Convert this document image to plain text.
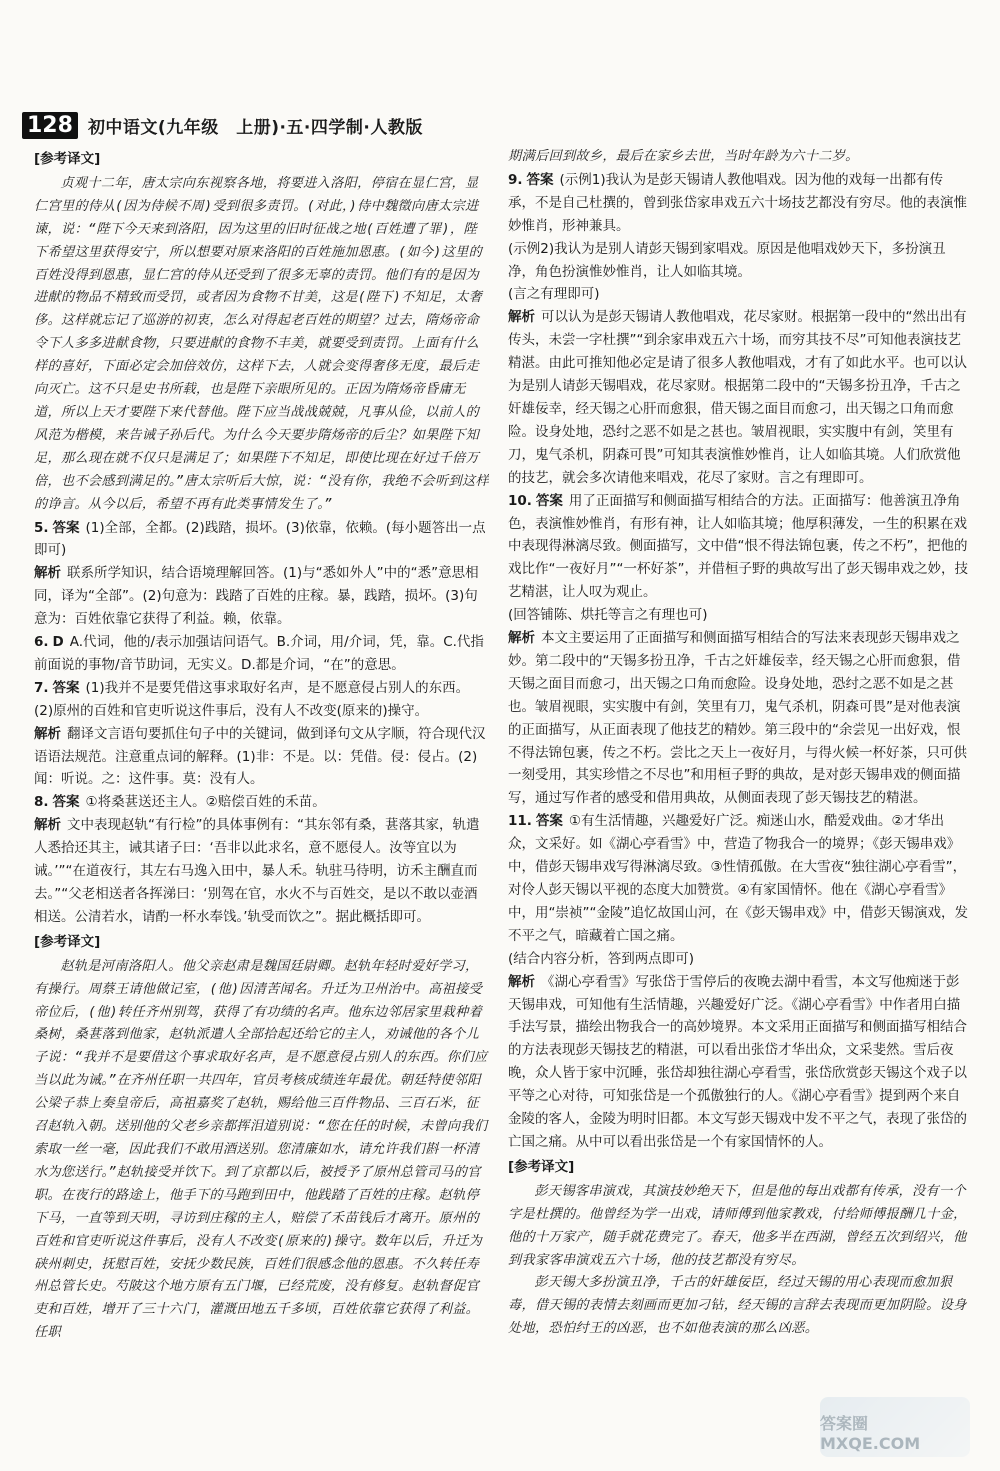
128 初中语文(九年级　上册)·五·四学制·人教版
[参考译文]

贞观十二年，唐太宗向东视察各地，将要进入洛阳，停宿在显仁宫，显仁宫里的侍从(因为侍候不周)受到很多责罚。(对此，)侍中魏徵向唐太宗进谏，说：“陛下今天来到洛阳，因为这里的旧时征战之地(百姓遭了罪)，陛下希望这里获得安宁，所以想要对原来洛阳的百姓施加恩惠。(如今)这里的百姓没得到恩惠，显仁宫的侍从还受到了很多无辜的责罚。他们有的是因为进献的物品不精致而受罚，或者因为食物不甘美，这是(陛下)不知足，太奢侈。这样就忘记了巡游的初衷，怎么对得起老百姓的期望？过去，隋炀帝命令下人多多进献食物，只要进献的食物不丰美，就要受到责罚。上面有什么样的喜好，下面必定会加倍效仿，这样下去，人就会变得奢侈无度，最后走向灭亡。这不只是史书所载，也是陛下亲眼所见的。正因为隋炀帝昏庸无道，所以上天才要陛下来代替他。陛下应当战战兢兢，凡事从俭，以前人的风范为楷模，来告诫子孙后代。为什么今天要步隋炀帝的后尘？如果陛下知足，那么现在就不仅只是满足了；如果陛下不知足，即使比现在好过千倍万倍，也不会感到满足的。”唐太宗听后大惊，说：“没有你，我绝不会听到这样的诤言。从今以后，希望不再有此类事情发生了。”

5. 答案 (1)全部，全都。(2)践踏，损坏。(3)依靠，依赖。(每小题答出一点即可)

解析 联系所学知识，结合语境理解回答。(1)与“悉如外人”中的“悉”意思相同，译为“全部”。(2)句意为：践踏了百姓的庄稼。暴，践踏，损坏。(3)句意为：百姓依靠它获得了利益。赖，依靠。

6. D A.代词，他的/表示加强诘问语气。B.介词，用/介词，凭，靠。C.代指前面说的事物/音节助词，无实义。D.都是介词，“在”的意思。

7. 答案 (1)我并不是要凭借这事求取好名声，是不愿意侵占别人的东西。

(2)原州的百姓和官吏听说这件事后，没有人不改变(原来的)操守。

解析 翻译文言语句要抓住句子中的关键词，做到译句文从字顺，符合现代汉语语法规范。注意重点词的解释。(1)非：不是。以：凭借。侵：侵占。(2)闻：听说。之：这件事。莫：没有人。

8. 答案 ①将桑葚送还主人。②赔偿百姓的禾苗。

解析 文中表现赵轨“有行检”的具体事例有：“其东邻有桑，葚落其家，轨遣人悉拾还其主，诫其诸子曰：‘吾非以此求名，意不愿侵人。汝等宜以为诫。’”“在道夜行，其左右马逸入田中，暴人禾。轨驻马待明，访禾主酬直而去。”“父老相送者各挥涕曰：‘别驾在官，水火不与百姓交，是以不敢以壶酒相送。公清若水，请酌一杯水奉饯。’轨受而饮之”。据此概括即可。

[参考译文]

赵轨是河南洛阳人。他父亲赵肃是魏国廷尉卿。赵轨年轻时爱好学习，有操行。周蔡王请他做记室，(他)因清苦闻名。升迁为卫州治中。高祖接受帝位后，(他)转任齐州别驾，获得了有功绩的名声。他东边邻居家里栽种着桑树，桑葚落到他家，赵轨派遣人全部拾起还给它的主人，劝诫他的各个儿子说：“我并不是要借这个事求取好名声，是不愿意侵占别人的东西。你们应当以此为诫。”在齐州任职一共四年，官员考核成绩连年最优。朝廷特使邻阳公梁子恭上奏皇帝后，高祖嘉奖了赵轨，赐给他三百件物品、三百石米，征召赵轨入朝。送别他的父老乡亲都挥泪道别说：“您在任的时候，未曾向我们索取一丝一毫，因此我们不敢用酒送别。您清廉如水，请允许我们斟一杯清水为您送行。”赵轨接受并饮下。到了京都以后，被授予了原州总管司马的官职。在夜行的路途上，他手下的马跑到田中，他践踏了百姓的庄稼。赵轨停下马，一直等到天明，寻访到庄稼的主人，赔偿了禾苗钱后才离开。原州的百姓和官吏听说这件事后，没有人不改变(原来的)操守。数年以后，升迁为硖州刺史，抚慰百姓，安抚少数民族，百姓们很感念他的恩惠。不久转任寿州总管长史。芍陂这个地方原有五门堰，已经荒废，没有修复。赵轨督促官吏和百姓，增开了三十六门，灌溉田地五千多顷，百姓依靠它获得了利益。任职

期满后回到故乡，最后在家乡去世，当时年龄为六十二岁。

9. 答案 (示例1)我认为是彭天锡请人教他唱戏。因为他的戏每一出都有传承，不是自己杜撰的，曾到张岱家串戏五六十场技艺都没有穷尽。他的表演惟妙惟肖，形神兼具。

(示例2)我认为是别人请彭天锡到家唱戏。原因是他唱戏妙天下，多扮演丑净，角色扮演惟妙惟肖，让人如临其境。

(言之有理即可)

解析 可以认为是彭天锡请人教他唱戏，花尽家财。根据第一段中的“然出出有传头，未尝一字杜撰”“到余家串戏五六十场，而穷其技不尽”可知他表演技艺精湛。由此可推知他必定是请了很多人教他唱戏，才有了如此水平。也可以认为是别人请彭天锡唱戏，花尽家财。根据第二段中的“天锡多扮丑净，千古之奸雄佞幸，经天锡之心肝而愈狠，借天锡之面目而愈刁，出天锡之口角而愈险。设身处地，恐纣之恶不如是之甚也。皱眉视眼，实实腹中有剑，笑里有刀，鬼气杀机，阴森可畏”可知其表演惟妙惟肖，让人如临其境。人们欣赏他的技艺，就会多次请他来唱戏，花尽了家财。言之有理即可。

10. 答案 用了正面描写和侧面描写相结合的方法。正面描写：他善演丑净角色，表演惟妙惟肖，有形有神，让人如临其境；他厚积薄发，一生的积累在戏中表现得淋漓尽致。侧面描写，文中借“恨不得法锦包裹，传之不朽”，把他的戏比作“一夜好月”“一杯好茶”，并借桓子野的典故写出了彭天锡串戏之妙，技艺精湛，让人叹为观止。

(回答铺陈、烘托等言之有理也可)

解析 本文主要运用了正面描写和侧面描写相结合的写法来表现彭天锡串戏之妙。第二段中的“天锡多扮丑净，千古之奸雄佞幸，经天锡之心肝而愈狠，借天锡之面目而愈刁，出天锡之口角而愈险。设身处地，恐纣之恶不如是之甚也。皱眉视眼，实实腹中有剑，笑里有刀，鬼气杀机，阴森可畏”是对他表演的正面描写，从正面表现了他技艺的精妙。第三段中的“余尝见一出好戏，恨不得法锦包裹，传之不朽。尝比之天上一夜好月，与得火候一杯好茶，只可供一刻受用，其实珍惜之不尽也”和用桓子野的典故，是对彭天锡串戏的侧面描写，通过写作者的感受和借用典故，从侧面表现了彭天锡技艺的精湛。

11. 答案 ①有生活情趣，兴趣爱好广泛。痴迷山水，酷爱戏曲。②才华出众，文采好。如《湖心亭看雪》中，营造了物我合一的境界；《彭天锡串戏》中，借彭天锡串戏写得淋漓尽致。③性情孤傲。在大雪夜“独往湖心亭看雪”，对伶人彭天锡以平视的态度大加赞赏。④有家国情怀。他在《湖心亭看雪》中，用“崇祯”“金陵”追忆故国山河，在《彭天锡串戏》中，借彭天锡演戏，发不平之气，暗藏着亡国之痛。

(结合内容分析，答到两点即可)

解析 《湖心亭看雪》写张岱于雪停后的夜晚去湖中看雪，本文写他痴迷于彭天锡串戏，可知他有生活情趣，兴趣爱好广泛。《湖心亭看雪》中作者用白描手法写景，描绘出物我合一的高妙境界。本文采用正面描写和侧面描写相结合的方法表现彭天锡技艺的精湛，可以看出张岱才华出众，文采斐然。雪后夜晚，众人皆于家中沉睡，张岱却独往湖心亭看雪，张岱欣赏彭天锡这个戏子以平等之心对待，可知张岱是一个孤傲独行的人。《湖心亭看雪》提到两个来自金陵的客人，金陵为明时旧都。本文写彭天锡戏中发不平之气，表现了张岱的亡国之痛。从中可以看出张岱是一个有家国情怀的人。

[参考译文]

彭天锡客串演戏，其演技妙绝天下，但是他的每出戏都有传承，没有一个字是杜撰的。他曾经为学一出戏，请师傅到他家教戏，付给师傅报酬几十金，他的十万家产，随手就花费完了。春天，他多半在西湖，曾经五次到绍兴，他到我家客串演戏五六十场，他的技艺都没有穷尽。

彭天锡大多扮演丑净，千古的奸雄佞臣，经过天锡的用心表现而愈加狠毒，借天锡的表情去刻画而更加刁钻，经天锡的言辞去表现而更加阴险。设身处地，恐怕纣王的凶恶，也不如他表演的那么凶恶。

答案圈 MXQE.COM
